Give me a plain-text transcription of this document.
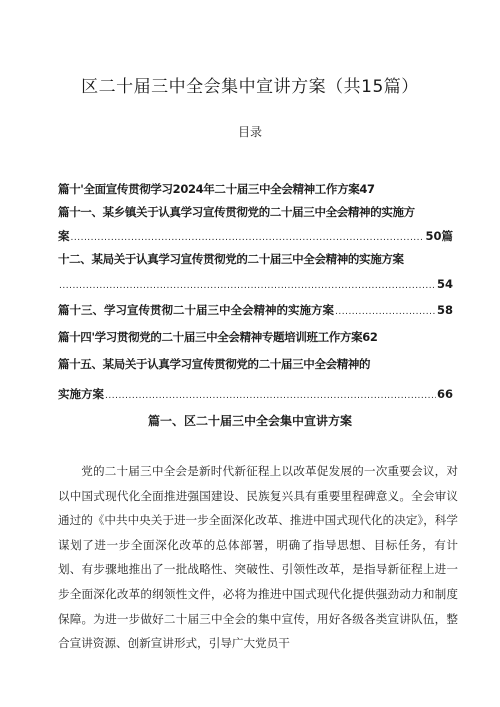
区二十届三中全会集中宣讲方案（共15篇）
目录
篇十'全面宣传贯彻学习2024年二十届三中全会精神工作方案47
篇十一、某乡镇关于认真学习宣传贯彻党的二十届三中全会精神的实施方
案 .....	50篇
十二、某局关于认真学习宣传贯彻党的二十届三中全会精神的实施方案
.....
54
篇十三、学习宣传贯彻二十届三中全会精神的实施方案 .....	58
篇十四'学习贯彻党的二十届三中全会精神专题培训班工作方案62
篇十五、某局关于认真学习宣传贯彻党的二十届三中全会精神的
实施方案 .....	66
篇一、区二十届三中全会集中宣讲方案
党的二十届三中全会是新时代新征程上以改革促发展的一次重要会议，对以中国式现代化全面推进强国建设、民族复兴具有重要里程碑意义。全会审议通过的《中共中央关于进一步全面深化改革、推进中国式现代化的决定》，科学谋划了进一步全面深化改革的总体部署，明确了指导思想、目标任务，有计划、有步骤地推出了一批战略性、突破性、引领性改革，是指导新征程上进一步全面深化改革的纲领性文件，必将为推进中国式现代化提供强劲动力和制度保障。为进一步做好二十届三中全会的集中宣传，用好各级各类宣讲队伍，整合宣讲资源、创新宣讲形式，引导广大党员干
